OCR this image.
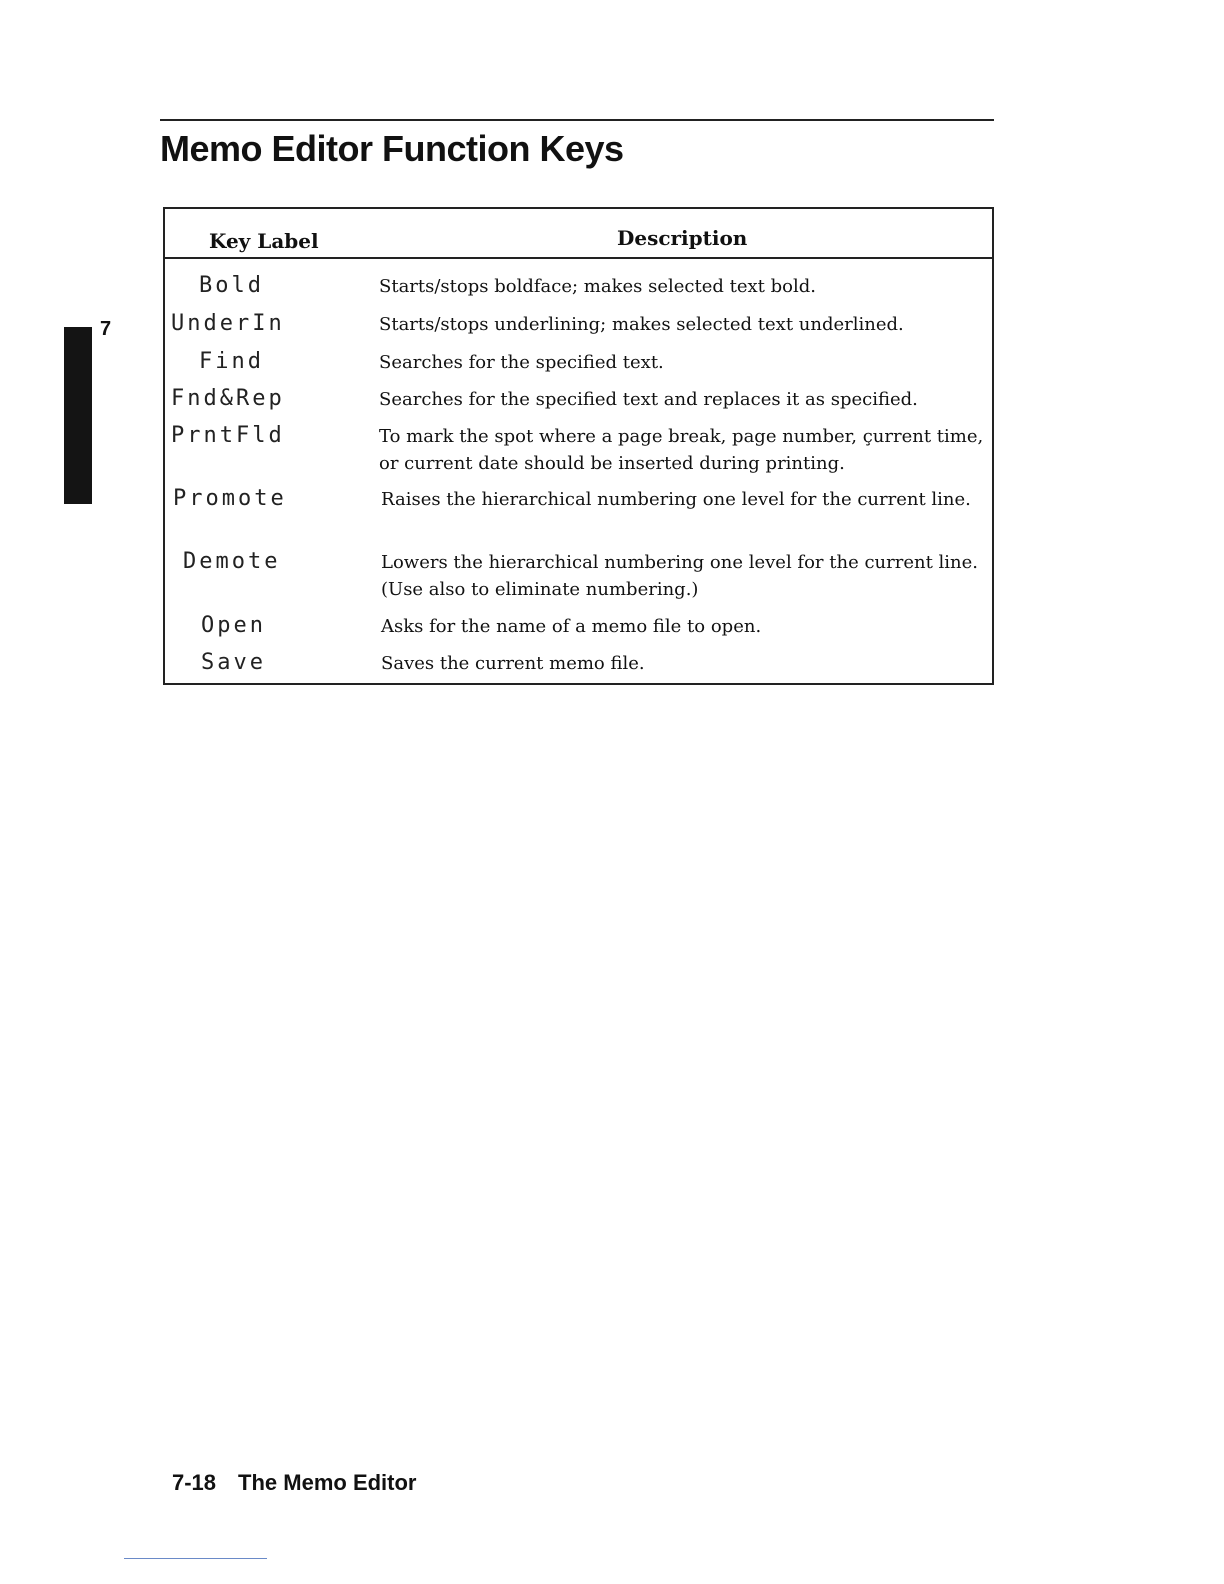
Memo Editor Function Keys
7
Key Label	Description
Bold	Starts/stops boldface; makes selected text bold.
UnderIn	Starts/stops underlining; makes selected text underlined.
Find	Searches for the specified text.
Fnd&Rep	Searches for the specified text and replaces it as specified.
PrntFld	To mark the spot where a page break, page number, çurrent time, or current date should be inserted during printing.
Promote	Raises the hierarchical numbering one level for the current line.
Demote	Lowers the hierarchical numbering one level for the current line. (Use also to eliminate numbering.)
Open	Asks for the name of a memo file to open.
Save	Saves the current memo file.
7-18 The Memo Editor
